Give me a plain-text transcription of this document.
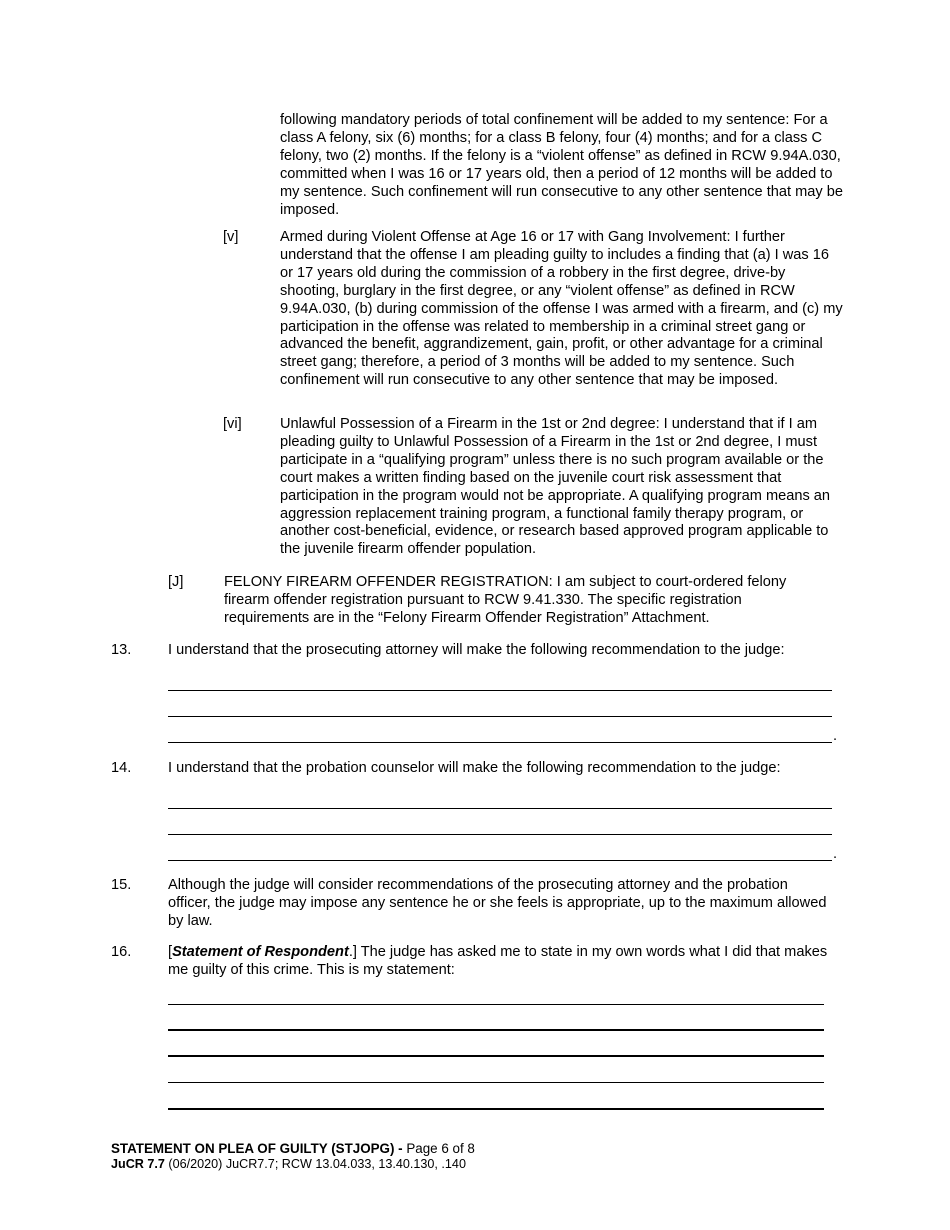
following mandatory periods of total confinement will be added to my sentence: For a class A felony, six (6) months; for a class B felony, four (4) months; and for a class C felony, two (2) months. If the felony is a “violent offense” as defined in RCW 9.94A.030, committed when I was 16 or 17 years old, then a period of 12 months will be added to my sentence. Such confinement will run consecutive to any other sentence that may be imposed.

[v]	Armed during Violent Offense at Age 16 or 17 with Gang Involvement: I further understand that the offense I am pleading guilty to includes a finding that (a) I was 16 or 17 years old during the commission of a robbery in the first degree, drive-by shooting, burglary in the first degree, or any “violent offense” as defined in RCW 9.94A.030, (b) during commission of the offense I was armed with a firearm, and (c) my participation in the offense was related to membership in a criminal street gang or advanced the benefit, aggrandizement, gain, profit, or other advantage for a criminal street gang; therefore, a period of 3 months will be added to my sentence. Such confinement will run consecutive to any other sentence that may be imposed.

[vi]	Unlawful Possession of a Firearm in the 1st or 2nd degree: I understand that if I am pleading guilty to Unlawful Possession of a Firearm in the 1st or 2nd degree, I must participate in a “qualifying program” unless there is no such program available or the court makes a written finding based on the juvenile court risk assessment that participation in the program would not be appropriate. A qualifying program means an aggression replacement training program, a functional family therapy program, or another cost-beneficial, evidence, or research based approved program applicable to the juvenile firearm offender population.

[J]	FELONY FIREARM OFFENDER REGISTRATION: I am subject to court-ordered felony firearm offender registration pursuant to RCW 9.41.330. The specific registration requirements are in the “Felony Firearm Offender Registration” Attachment.

13.	I understand that the prosecuting attorney will make the following recommendation to the judge:

.
14.	I understand that the probation counselor will make the following recommendation to the judge:

.
15.	Although the judge will consider recommendations of the prosecuting attorney and the probation officer, the judge may impose any sentence he or she feels is appropriate, up to the maximum allowed by law.

16.	[Statement of Respondent.] The judge has asked me to state in my own words what I did that makes me guilty of this crime. This is my statement:

STATEMENT ON PLEA OF GUILTY (STJOPG) - Page 6 of 8
JuCR 7.7 (06/2020) JuCR7.7; RCW 13.04.033, 13.40.130, .140
